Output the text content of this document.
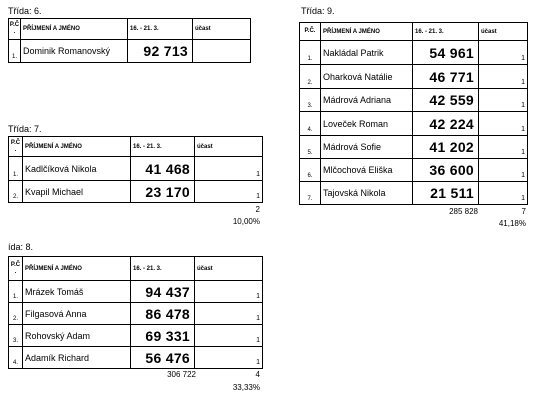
Třída: 6.
P.Č
.	PŘÍJMENÍ A JMÉNO	16. - 21. 3.	účast
1.	Dominik Romanovský	92 713	
Třída: 7.
P.Č
.	PŘÍJMENÍ A JMÉNO	16. - 21. 3.	účast
1.	Kadlčíková Nikola	41 468	1
2.	Kvapil Michael	23 170	1
2
10,00%
ída: 8.
P.Č
.	PŘÍJMENÍ A JMÉNO	16. - 21. 3.	účast
1.	Mrázek Tomáš	94 437	1
2.	Filgasová Anna	86 478	1
3.	Rohovský Adam	69 331	1
4.	Adamík Richard	56 476	1
306 722	4
33,33%
Třída: 9.
P.Č.	PŘÍJMENÍ A JMÉNO	16. - 21. 3.	účast
1.	Nakládal Patrik	54 961	1
2.	Oharková Natálie	46 771	1
3.	Mádrová Adriana	42 559	1
4.	Loveček Roman	42 224	1
5.	Mádrová Sofie	41 202	1
6.	Mlčochová Eliška	36 600	1
7.	Tajovská Nikola	21 511	1
285 828	7
41,18%
